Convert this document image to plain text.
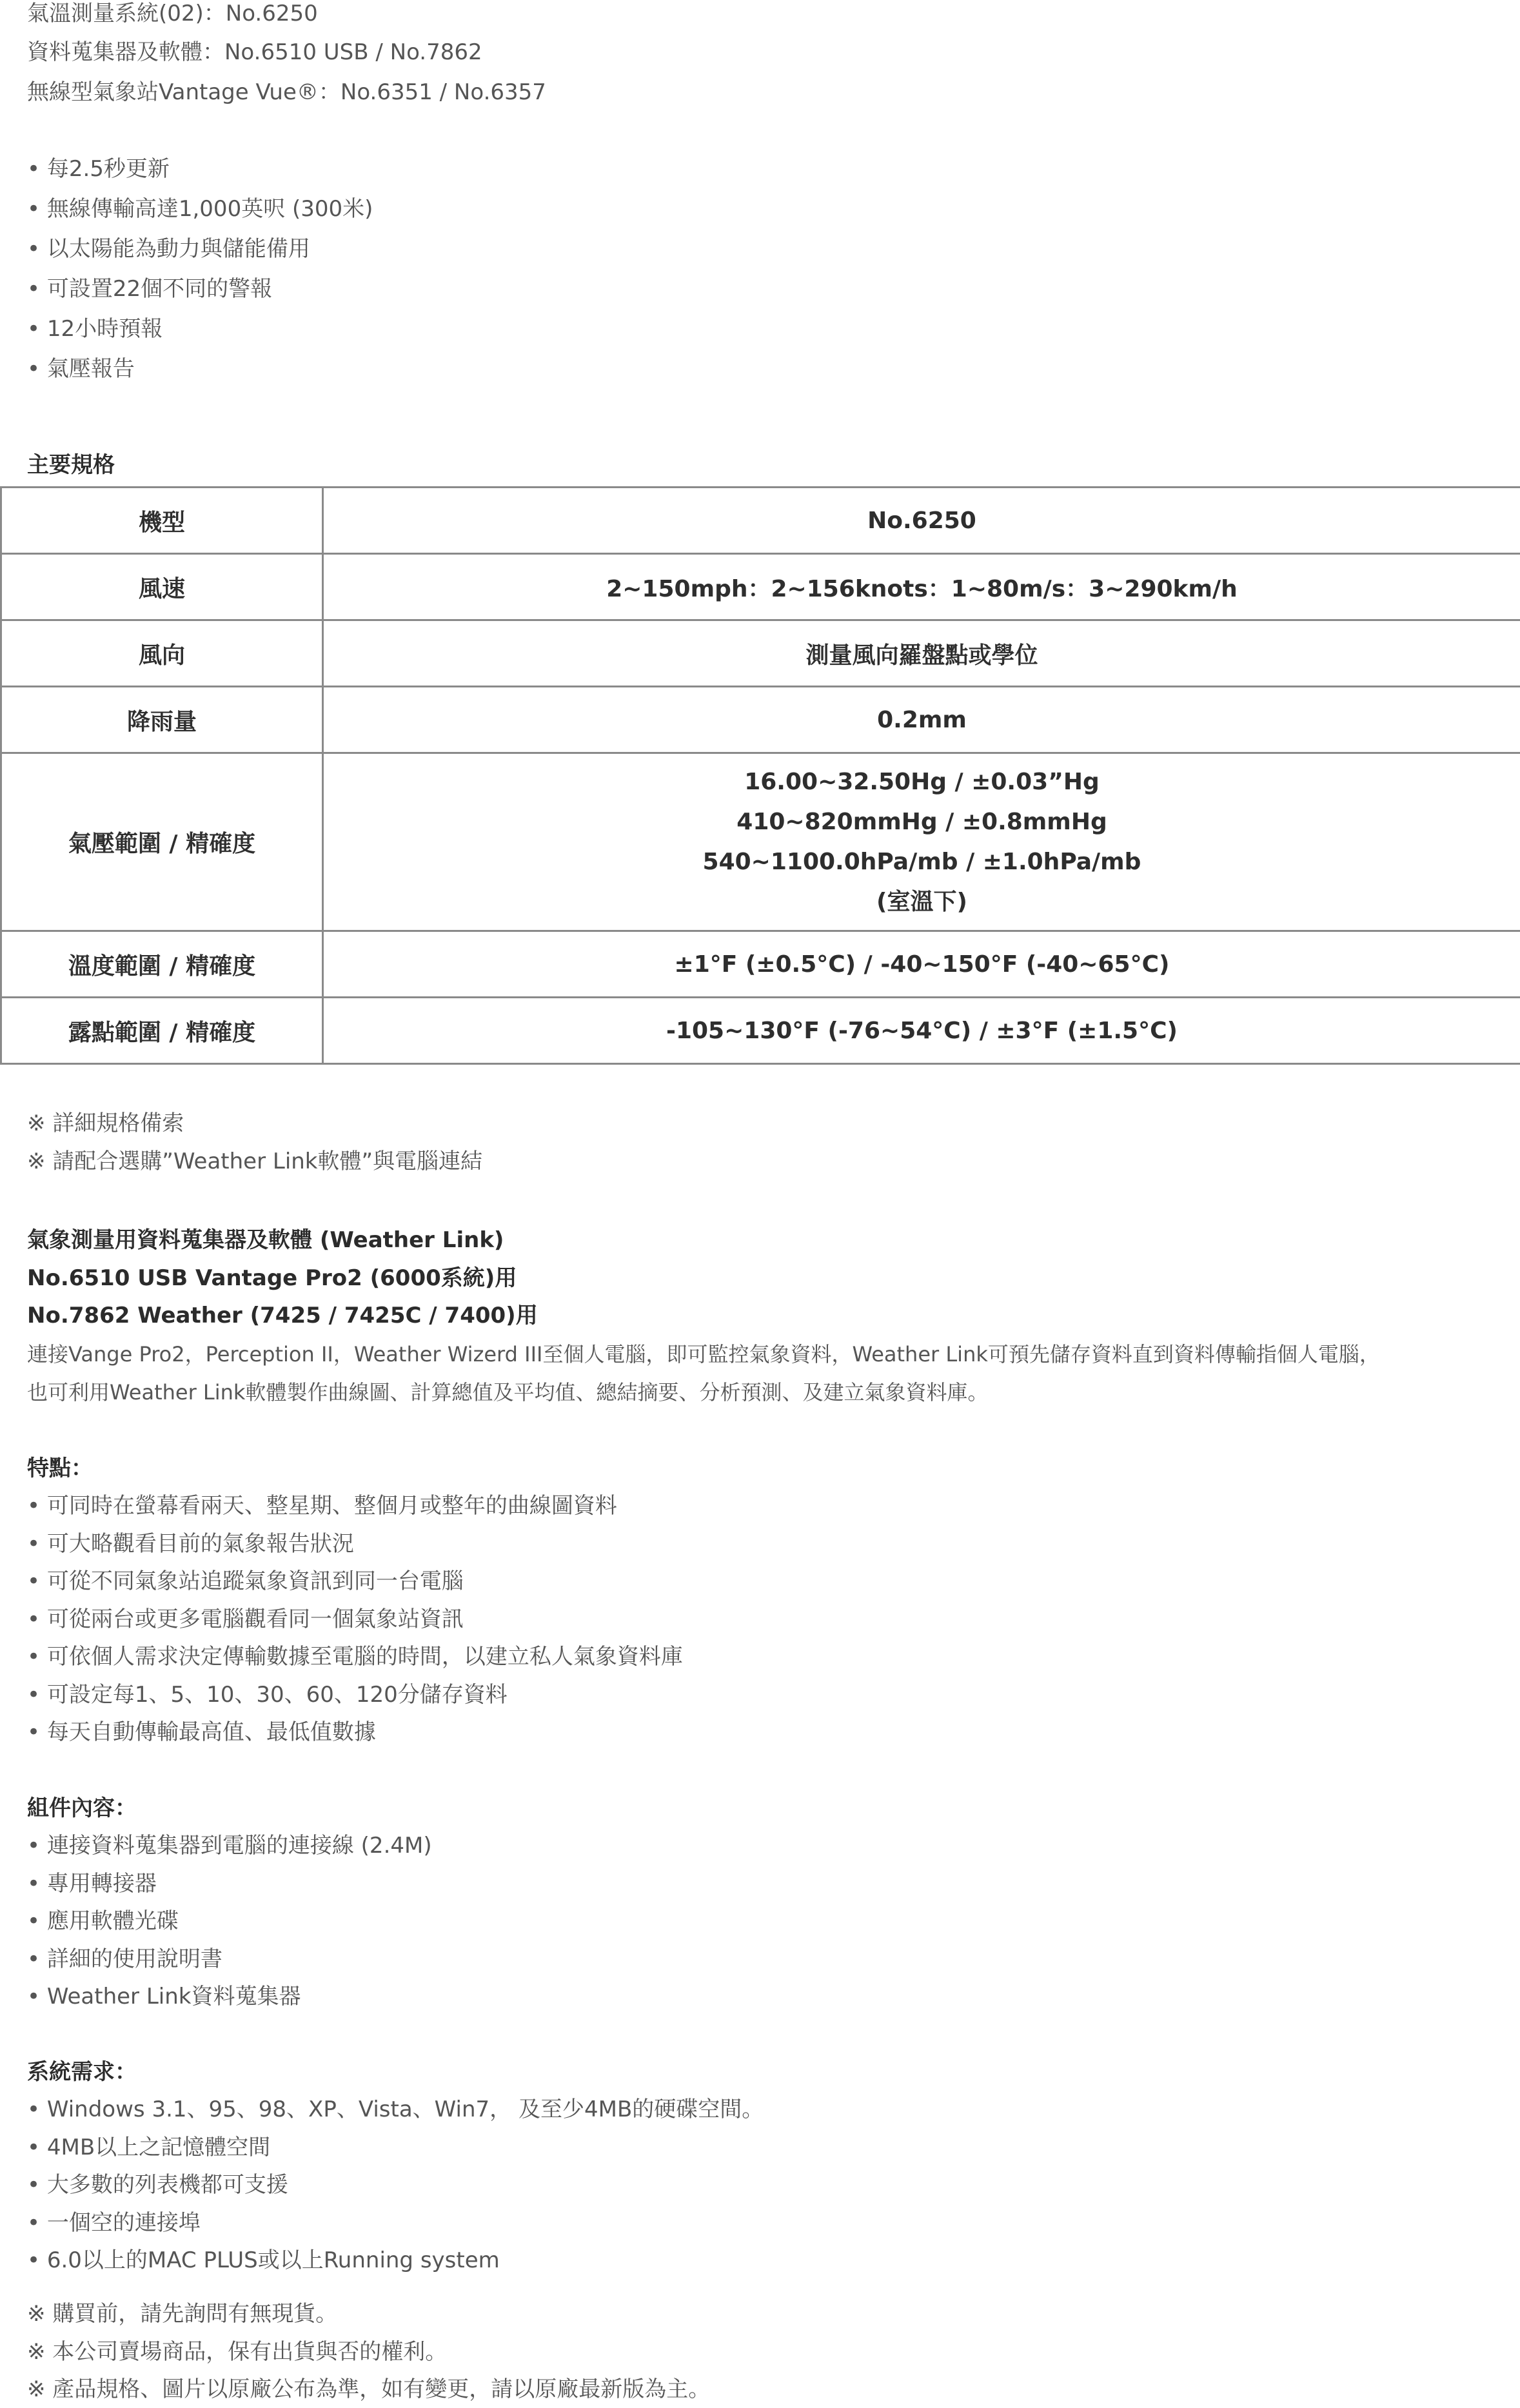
氣溫測量系統(02)：No.6250
資料蒐集器及軟體：No.6510 USB / No.7862
無線型氣象站Vantage Vue®：No.6351 / No.6357
• 每2.5秒更新
• 無線傳輸高達1,000英呎 (300米)
• 以太陽能為動力與儲能備用
• 可設置22個不同的警報
• 12小時預報
• 氣壓報告
主要規格
機型	No.6250
風速	2~150mph：2~156knots：1~80m/s：3~290km/h
風向	測量風向羅盤點或學位
降雨量	0.2mm
氣壓範圍 / 精確度	16.00~32.50Hg / ±0.03”Hg
410~820mmHg / ±0.8mmHg
540~1100.0hPa/mb / ±1.0hPa/mb
(室溫下)

溫度範圍 / 精確度	±1°F (±0.5°C) / -40~150°F (-40~65°C)
露點範圍 / 精確度	-105~130°F (-76~54°C) / ±3°F (±1.5°C)
※ 詳細規格備索
※ 請配合選購”Weather Link軟體”與電腦連結
氣象測量用資料蒐集器及軟體 (Weather Link)
No.6510 USB Vantage Pro2 (6000系統)用
No.7862 Weather (7425 / 7425C / 7400)用
連接Vange Pro2，Perception II，Weather Wizerd III至個人電腦，即可監控氣象資料，Weather Link可預先儲存資料直到資料傳輸指個人電腦，
也可利用Weather Link軟體製作曲線圖、計算總值及平均值、總結摘要、分析預測、及建立氣象資料庫。
特點：
• 可同時在螢幕看兩天、整星期、整個月或整年的曲線圖資料
• 可大略觀看目前的氣象報告狀況
• 可從不同氣象站追蹤氣象資訊到同一台電腦
• 可從兩台或更多電腦觀看同一個氣象站資訊
• 可依個人需求決定傳輸數據至電腦的時間，以建立私人氣象資料庫
• 可設定每1、5、10、30、60、120分儲存資料
• 每天自動傳輸最高值、最低值數據
組件內容：
• 連接資料蒐集器到電腦的連接線 (2.4M)
• 專用轉接器
• 應用軟體光碟
• 詳細的使用說明書
• Weather Link資料蒐集器
系統需求：
• Windows 3.1、95、98、XP、Vista、Win7， 及至少4MB的硬碟空間。
• 4MB以上之記憶體空間
• 大多數的列表機都可支援
• 一個空的連接埠
• 6.0以上的MAC PLUS或以上Running system
※ 購買前，請先詢問有無現貨。
※ 本公司賣場商品，保有出貨與否的權利。
※ 產品規格、圖片以原廠公布為準，如有變更，請以原廠最新版為主。
